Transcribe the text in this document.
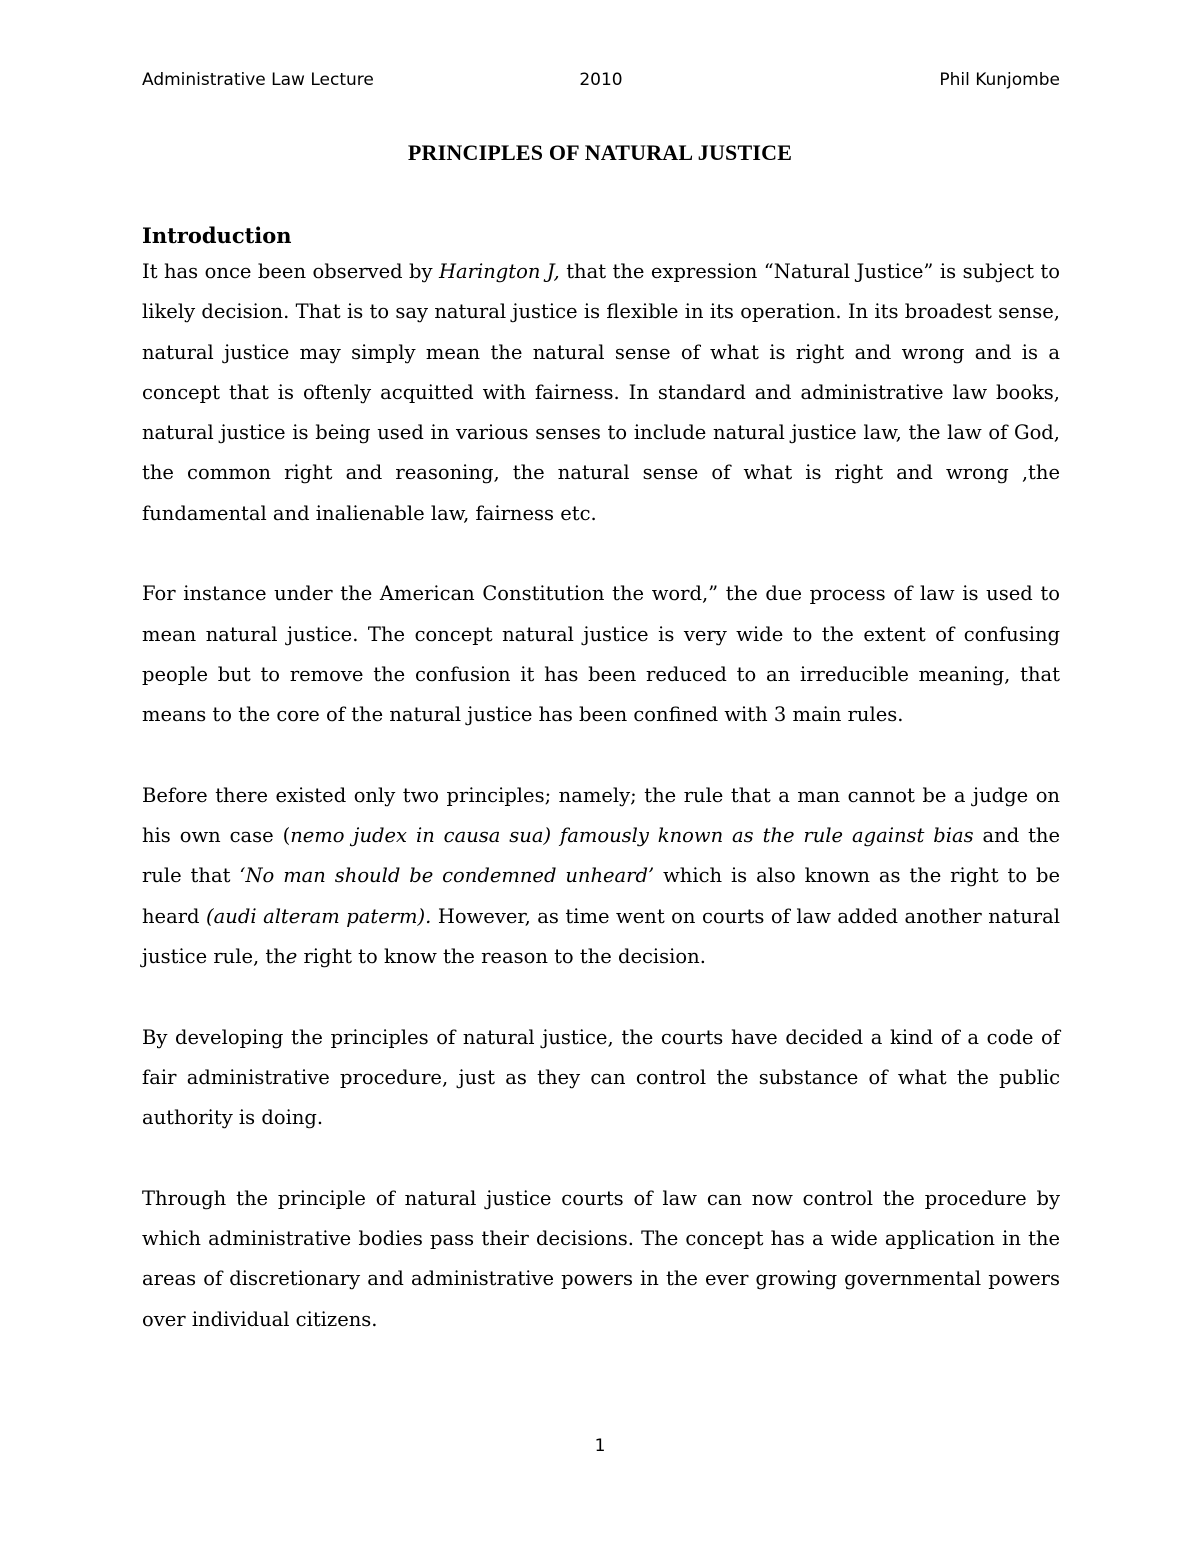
Administrative Law Lecture	2010	Phil Kunjombe
PRINCIPLES OF NATURAL JUSTICE
Introduction

It has once been observed by Harington J, that the expression “Natural Justice” is subject to likely decision. That is to say natural justice is flexible in its operation. In its broadest sense, natural justice may simply mean the natural sense of what is right and wrong and is a concept that is oftenly acquitted with fairness. In standard and administrative law books, natural justice is being used in various senses to include natural justice law, the law of God, the common right and reasoning, the natural sense of what is right and wrong ,the fundamental and inalienable law, fairness etc.

For instance under the American Constitution the word,” the due process of law is used to mean natural justice. The concept natural justice is very wide to the extent of confusing people but to remove the confusion it has been reduced to an irreducible meaning, that means to the core of the natural justice has been confined with 3 main rules.

Before there existed only two principles; namely; the rule that a man cannot be a judge on his own case (nemo judex in causa sua) famously known as the rule against bias and the rule that ‘No man should be condemned unheard’ which is also known as the right to be heard (audi alteram paterm). However, as time went on courts of law added another natural justice rule, the right to know the reason to the decision.

By developing the principles of natural justice, the courts have decided a kind of a code of fair administrative procedure, just as they can control the substance of what the public authority is doing.

Through the principle of natural justice courts of law can now control the procedure by which administrative bodies pass their decisions. The concept has a wide application in the areas of discretionary and administrative powers in the ever growing governmental powers over individual citizens.

1
